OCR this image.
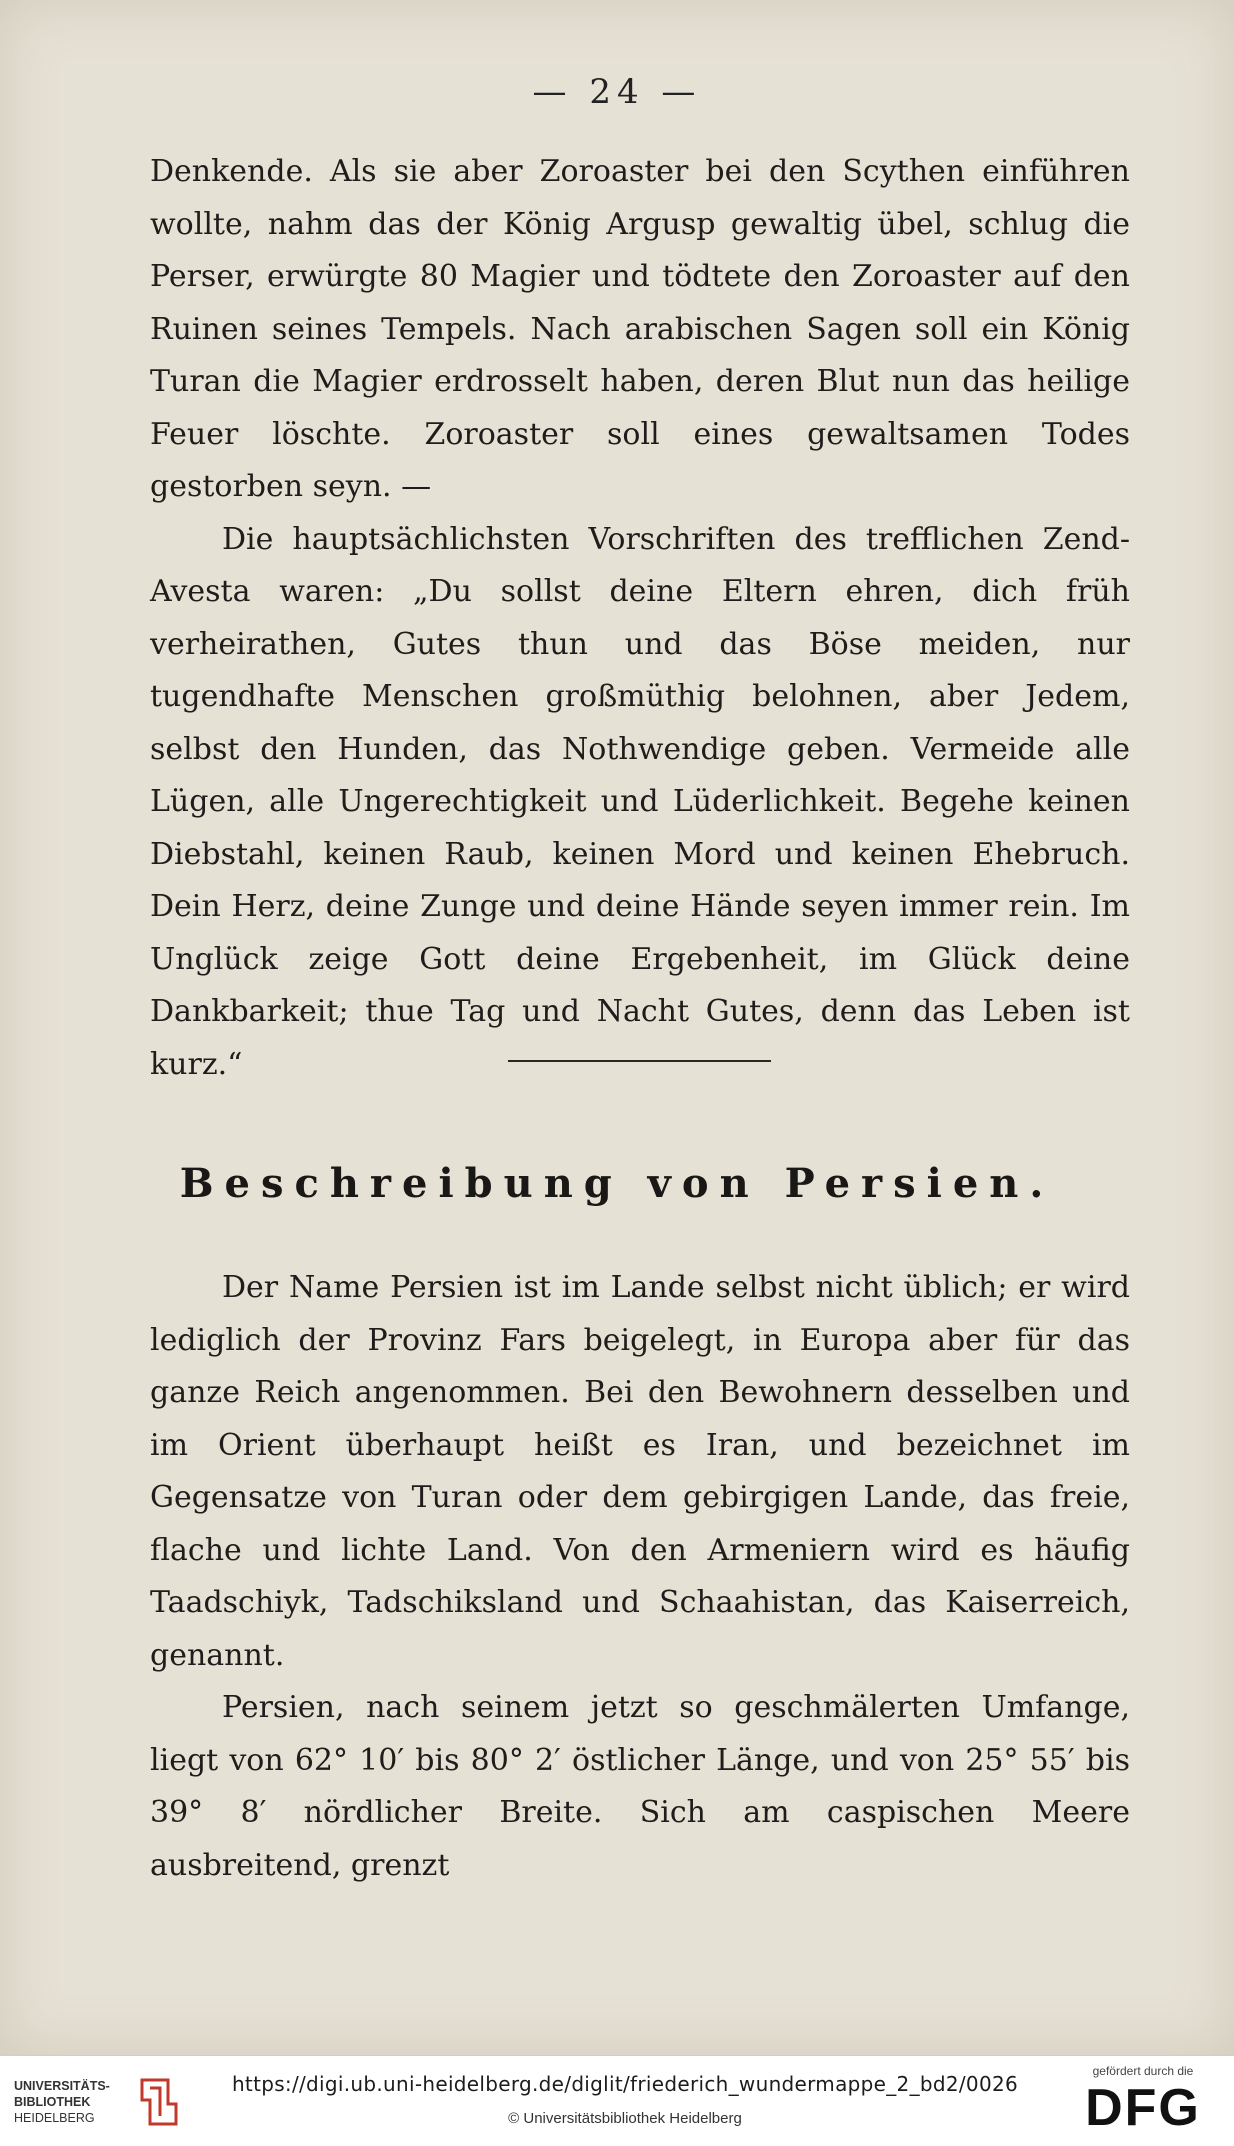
— 24 —

Denkende. Als sie aber Zoroaster bei den Scythen einführen wollte, nahm das der König Argusp gewaltig übel, schlug die Perser, erwürgte 80 Magier und tödtete den Zoroaster auf den Ruinen seines Tempels. Nach arabischen Sagen soll ein König Turan die Magier erdrosselt haben, deren Blut nun das heilige Feuer löschte. Zoroaster soll eines gewaltsamen Todes gestorben seyn. —

Die hauptsächlichsten Vorschriften des trefflichen Zend-Avesta waren: „Du sollst deine Eltern ehren, dich früh verheirathen, Gutes thun und das Böse meiden, nur tugendhafte Menschen großmüthig belohnen, aber Jedem, selbst den Hunden, das Nothwendige geben. Vermeide alle Lügen, alle Ungerechtigkeit und Lüderlichkeit. Begehe keinen Diebstahl, keinen Raub, keinen Mord und keinen Ehebruch. Dein Herz, deine Zunge und deine Hände seyen immer rein. Im Unglück zeige Gott deine Ergebenheit, im Glück deine Dankbarkeit; thue Tag und Nacht Gutes, denn das Leben ist kurz.“

Beschreibung von Persien.

Der Name Persien ist im Lande selbst nicht üblich; er wird lediglich der Provinz Fars beigelegt, in Europa aber für das ganze Reich angenommen. Bei den Bewohnern desselben und im Orient überhaupt heißt es Iran, und bezeichnet im Gegensatze von Turan oder dem gebirgigen Lande, das freie, flache und lichte Land. Von den Armeniern wird es häufig Taadschiyk, Tadschiksland und Schaahistan, das Kaiserreich, genannt.

Persien, nach seinem jetzt so geschmälerten Umfange, liegt von 62° 10′ bis 80° 2′ östlicher Länge, und von 25° 55′ bis 39° 8′ nördlicher Breite. Sich am caspischen Meere ausbreitend, grenzt

UNIVERSITÄTS-
BIBLIOTHEK
HEIDELBERG
https://digi.ub.uni-heidelberg.de/diglit/friederich_wundermappe_2_bd2/0026
© Universitätsbibliothek Heidelberg
gefördert durch die
DFG
